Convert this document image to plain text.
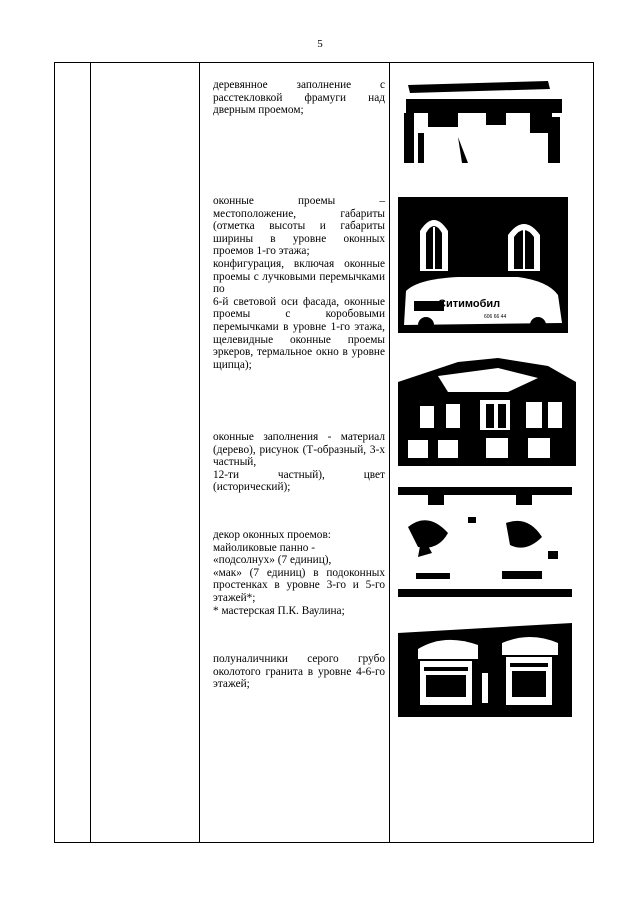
5

деревянное заполнение с расстекловкой фрамуги над дверным проемом;

оконные проемы – местоположение, габариты (отметка высоты и габариты ширины в уровне оконных проемов 1-го этажа;

конфигурация, включая оконные проемы с лучковыми перемычками по

6-й световой оси фасада, оконные проемы с коробовыми перемычками в уровне 1-го этажа, щелевидные оконные проемы эркеров, термальное окно в уровне щипца);

оконные заполнения - материал (дерево), рисунок (Т-образный, 3-х частный,

12-ти частный), цвет (исторический);

декор оконных проемов:

майоликовые панно -

«подсолнух» (7 единиц),

«мак» (7 единиц) в подоконных простенках в уровне 3-го и 5-го этажей*;

* мастерская П.К. Ваулина;

полуналичники серого грубо околотого гранита в уровне 4-6-го этажей;

Ситимобил
606 66 44
